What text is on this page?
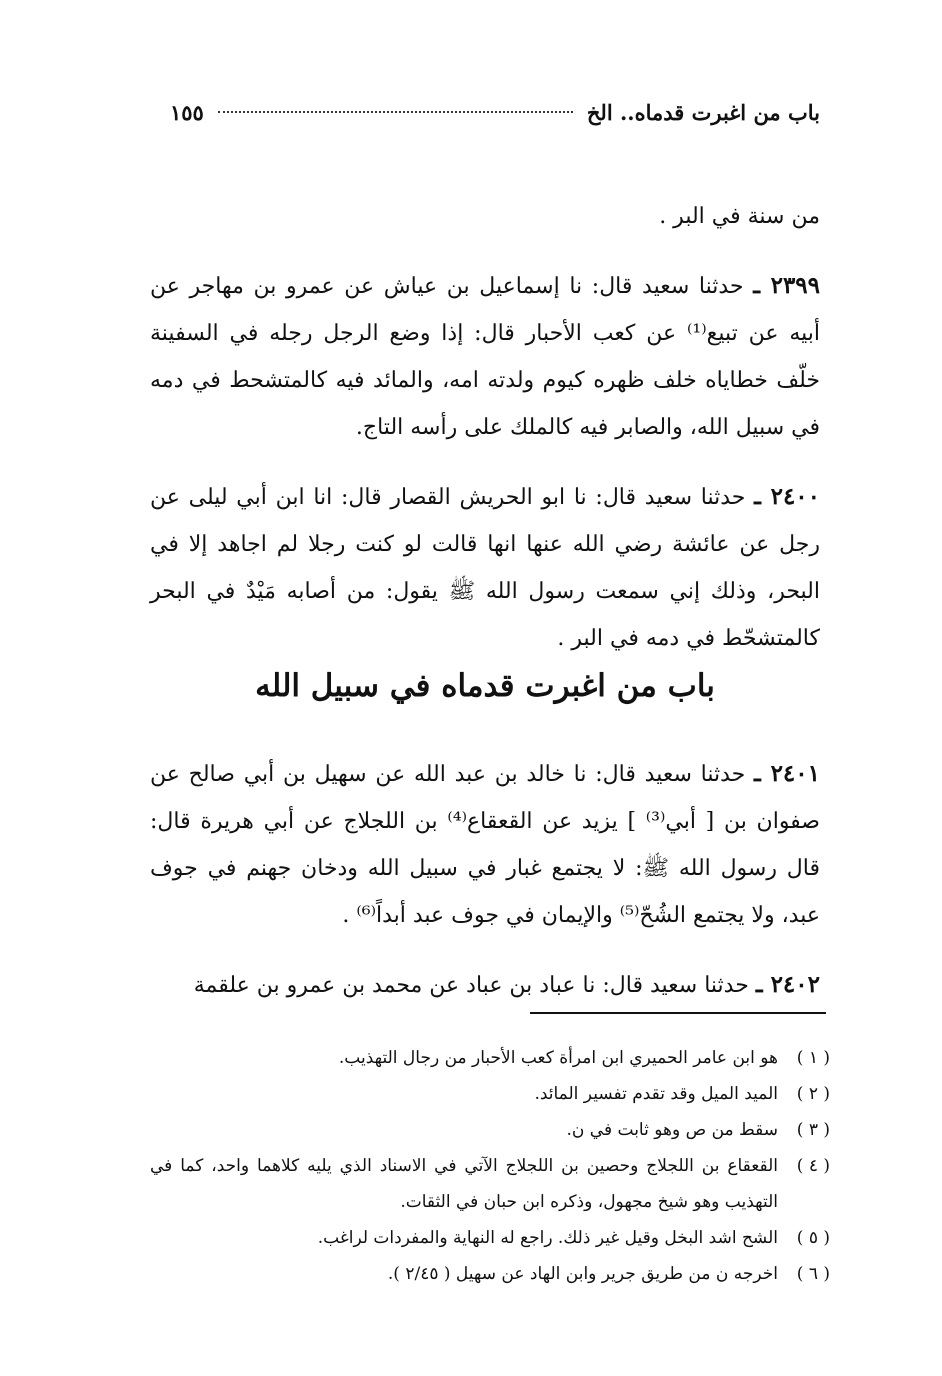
باب من اغبرت قدماه.. الخ
١٥٥

من سنة في البر .

٢٣٩٩ ـ حدثنا سعيد قال: نا إسماعيل بن عياش عن عمرو بن مهاجر عن أبيه عن تبيع⁽¹⁾ عن كعب الأحبار قال: إذا وضع الرجل رجله في السفينة خلّف خطاياه خلف ظهره كيوم ولدته امه، والمائد فيه كالمتشحط في دمه في سبيل الله، والصابر فيه كالملك على رأسه التاج.

٢٤٠٠ ـ حدثنا سعيد قال: نا ابو الحريش القصار قال: انا ابن أبي ليلى عن رجل عن عائشة رضي الله عنها انها قالت لو كنت رجلا لم اجاهد إلا في البحر، وذلك إني سمعت رسول الله ﷺ يقول: من أصابه مَيْدٌ في البحر كالمتشحّط في دمه في البر .

باب من اغبرت قدماه في سبيل الله

٢٤٠١ ـ حدثنا سعيد قال: نا خالد بن عبد الله عن سهيل بن أبي صالح عن صفوان بن [ أبي⁽³⁾ ] يزيد عن القعقاع⁽⁴⁾ بن اللجلاج عن أبي هريرة قال: قال رسول الله ﷺ: لا يجتمع غبار في سبيل الله ودخان جهنم في جوف عبد، ولا يجتمع الشُحّ⁽⁵⁾ والإيمان في جوف عبد أبداً⁽⁶⁾ .

٢٤٠٢ ـ حدثنا سعيد قال: نا عباد بن عباد عن محمد بن عمرو بن علقمة

( ١ )
هو ابن عامر الحميري ابن امرأة كعب الأحبار من رجال التهذيب.
( ٢ )
الميد الميل وقد تقدم تفسير المائد.
( ٣ )
سقط من ص وهو ثابت في ن.
( ٤ )
القعقاع بن اللجلاج وحصين بن اللجلاج الآتي في الاسناد الذي يليه كلاهما واحد، كما في التهذيب وهو شيخ مجهول، وذكره ابن حبان في الثقات.
( ٥ )
الشح اشد البخل وقيل غير ذلك. راجع له النهاية والمفردات لراغب.
( ٦ )
اخرجه ن من طريق جرير وابن الهاد عن سهيل ( ٢/٤٥ ).
